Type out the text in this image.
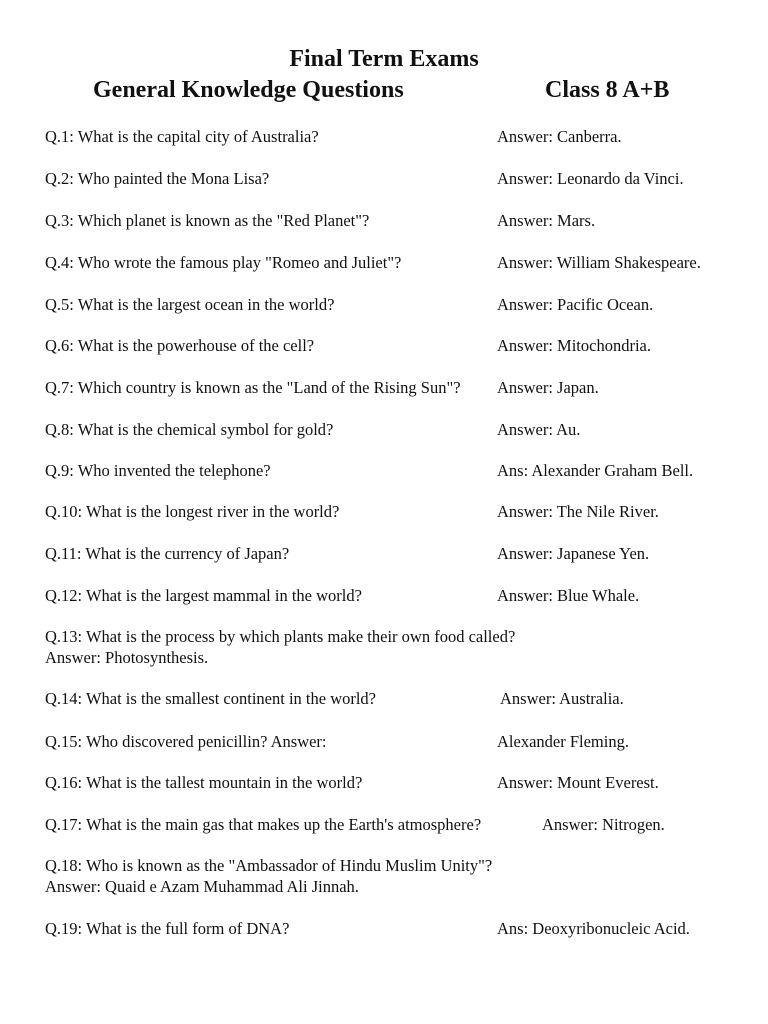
Final Term Exams
General Knowledge Questions	Class 8 A+B
Q.1: What is the capital city of Australia?	Answer: Canberra.
Q.2: Who painted the Mona Lisa?	Answer: Leonardo da Vinci.
Q.3: Which planet is known as the "Red Planet"?	Answer: Mars.
Q.4: Who wrote the famous play "Romeo and Juliet"?	Answer: William Shakespeare.
Q.5: What is the largest ocean in the world?	Answer: Pacific Ocean.
Q.6: What is the powerhouse of the cell?	Answer: Mitochondria.
Q.7: Which country is known as the "Land of the Rising Sun"? Answer: Japan.
Q.8: What is the chemical symbol for gold?	Answer: Au.
Q.9: Who invented the telephone?	Ans: Alexander Graham Bell.
Q.10: What is the longest river in the world?	Answer: The Nile River.
Q.11: What is the currency of Japan?	Answer: Japanese Yen.
Q.12: What is the largest mammal in the world?	Answer: Blue Whale.
Q.13: What is the process by which plants make their own food called?
Answer: Photosynthesis.
Q.14: What is the smallest continent in the world?	Answer: Australia.
Q.15: Who discovered penicillin? Answer:	Alexander Fleming.
Q.16: What is the tallest mountain in the world?	Answer: Mount Everest.
Q.17: What is the main gas that makes up the Earth's atmosphere?	Answer: Nitrogen.
Q.18: Who is known as the "Ambassador of Hindu Muslim Unity"?
Answer: Quaid e Azam Muhammad Ali Jinnah.
Q.19: What is the full form of DNA?	Ans: Deoxyribonucleic Acid.
